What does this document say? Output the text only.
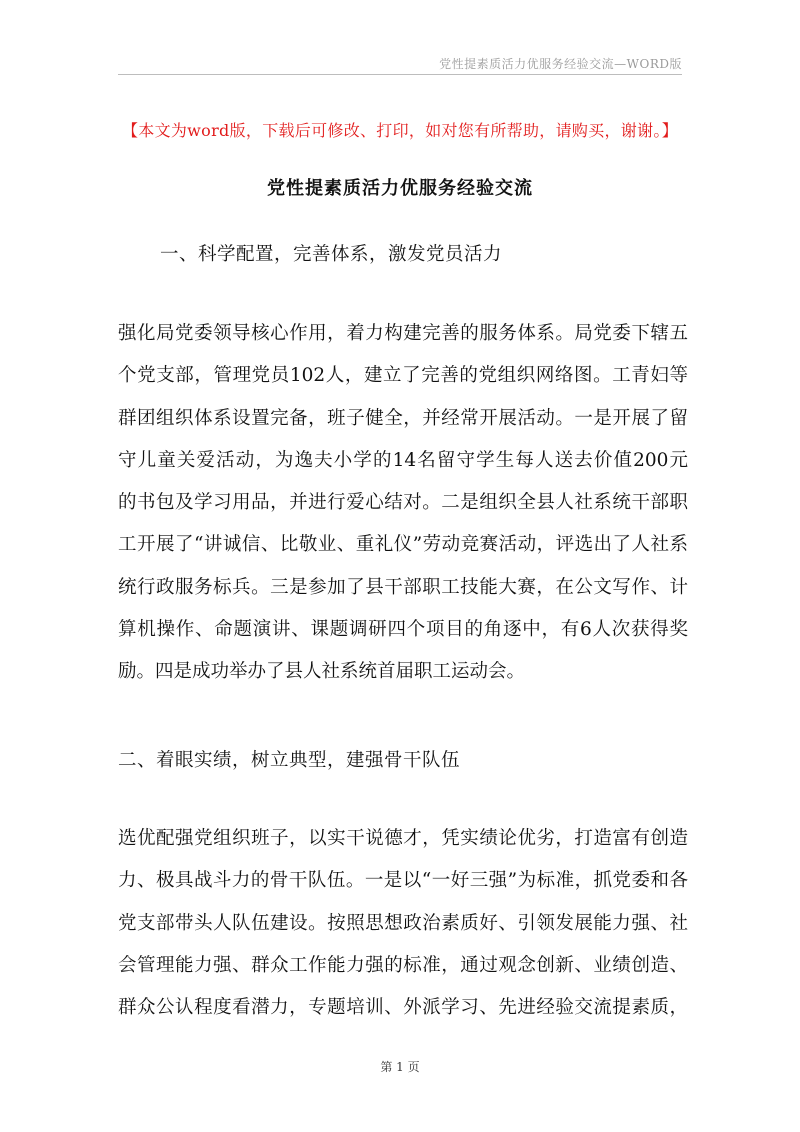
党性提素质活力优服务经验交流—WORD版
【本文为word版，下载后可修改、打印，如对您有所帮助，请购买，谢谢。】
党性提素质活力优服务经验交流
一、科学配置，完善体系，激发党员活力

强化局党委领导核心作用，着力构建完善的服务体系。局党委下辖五
个党支部，管理党员102人，建立了完善的党组织网络图。工青妇等
群团组织体系设置完备，班子健全，并经常开展活动。一是开展了留
守儿童关爱活动，为逸夫小学的14名留守学生每人送去价值200元
的书包及学习用品，并进行爱心结对。二是组织全县人社系统干部职
工开展了“讲诚信、比敬业、重礼仪”劳动竞赛活动，评选出了人社系
统行政服务标兵。三是参加了县干部职工技能大赛，在公文写作、计
算机操作、命题演讲、课题调研四个项目的角逐中，有6人次获得奖
励。四是成功举办了县人社系统首届职工运动会。

二、着眼实绩，树立典型，建强骨干队伍

选优配强党组织班子，以实干说德才，凭实绩论优劣，打造富有创造
力、极具战斗力的骨干队伍。一是以“一好三强”为标准，抓党委和各
党支部带头人队伍建设。按照思想政治素质好、引领发展能力强、社
会管理能力强、群众工作能力强的标准，通过观念创新、业绩创造、
群众公认程度看潜力，专题培训、外派学习、先进经验交流提素质，

第 1 页
